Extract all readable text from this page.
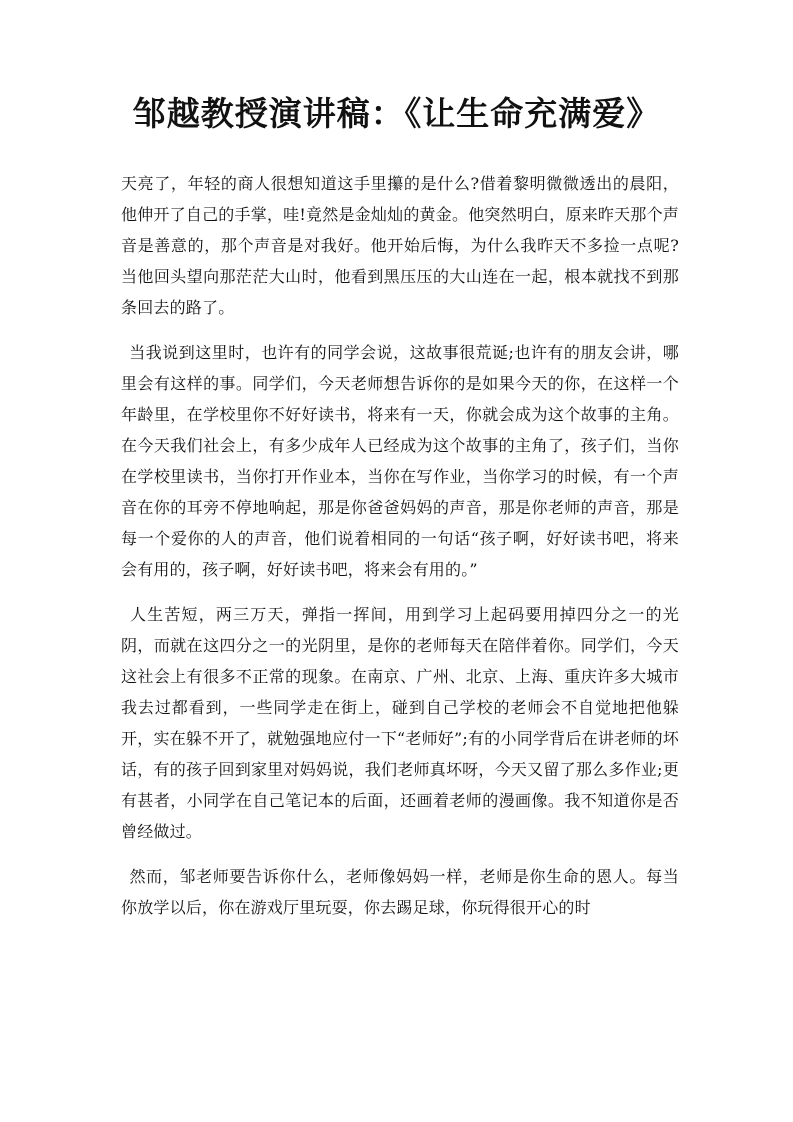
邹越教授演讲稿：《让生命充满爱》

天亮了，年轻的商人很想知道这手里攥的是什么?借着黎明微微透出的晨阳，他伸开了自己的手掌，哇!竟然是金灿灿的黄金。他突然明白，原来昨天那个声音是善意的，那个声音是对我好。他开始后悔，为什么我昨天不多捡一点呢?当他回头望向那茫茫大山时，他看到黑压压的大山连在一起，根本就找不到那条回去的路了。

当我说到这里时，也许有的同学会说，这故事很荒诞;也许有的朋友会讲，哪里会有这样的事。同学们，今天老师想告诉你的是如果今天的你，在这样一个年龄里，在学校里你不好好读书，将来有一天，你就会成为这个故事的主角。在今天我们社会上，有多少成年人已经成为这个故事的主角了，孩子们，当你在学校里读书，当你打开作业本，当你在写作业，当你学习的时候，有一个声音在你的耳旁不停地响起，那是你爸爸妈妈的声音，那是你老师的声音，那是每一个爱你的人的声音，他们说着相同的一句话“孩子啊，好好读书吧，将来会有用的，孩子啊，好好读书吧，将来会有用的。”

人生苦短，两三万天，弹指一挥间，用到学习上起码要用掉四分之一的光阴，而就在这四分之一的光阴里，是你的老师每天在陪伴着你。同学们，今天这社会上有很多不正常的现象。在南京、广州、北京、上海、重庆许多大城市我去过都看到，一些同学走在街上，碰到自己学校的老师会不自觉地把他躲开，实在躲不开了，就勉强地应付一下“老师好”;有的小同学背后在讲老师的坏话，有的孩子回到家里对妈妈说，我们老师真坏呀，今天又留了那么多作业;更有甚者，小同学在自己笔记本的后面，还画着老师的漫画像。我不知道你是否曾经做过。

然而，邹老师要告诉你什么，老师像妈妈一样，老师是你生命的恩人。每当你放学以后，你在游戏厅里玩耍，你去踢足球，你玩得很开心的时
